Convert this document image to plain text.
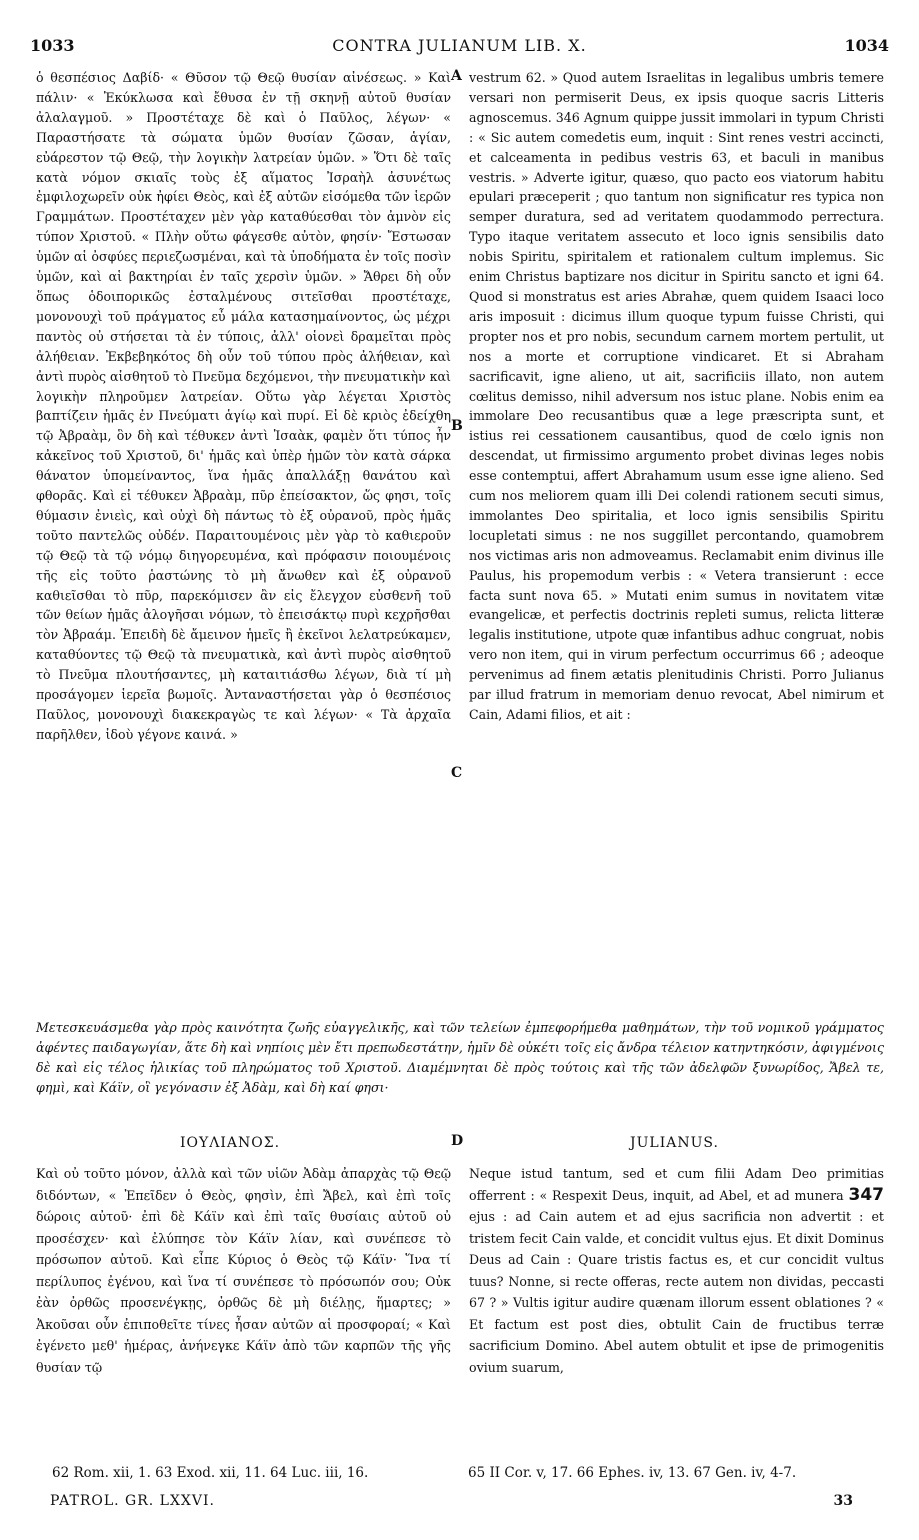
1033	CONTRA JULIANUM LIB. X.	1034

ὁ θεσπέσιος Δαβίδ· « Θῦσον τῷ Θεῷ θυσίαν αἰνέσεως. » Καὶ πάλιν· « Ἐκύκλωσα καὶ ἔθυσα ἐν τῇ σκηνῇ αὐτοῦ θυσίαν ἀλαλαγμοῦ. » Προστέταχε δὲ καὶ ὁ Παῦλος, λέγων· « Παραστήσατε τὰ σώματα ὑμῶν θυσίαν ζῶσαν, ἁγίαν, εὐάρεστον τῷ Θεῷ, τὴν λογικὴν λατρείαν ὑμῶν. » Ὅτι δὲ ταῖς κατὰ νόμον σκιαῖς τοὺς ἐξ αἵματος Ἰσραὴλ ἀσυνέτως ἐμφιλοχωρεῖν οὐκ ἠφίει Θεὸς, καὶ ἐξ αὐτῶν εἰσόμεθα τῶν ἱερῶν Γραμμάτων. Προστέταχεν μὲν γὰρ καταθύεσθαι τὸν ἀμνὸν εἰς τύπον Χριστοῦ. « Πλὴν οὕτω φάγεσθε αὐτὸν, φησίν· Ἔστωσαν ὑμῶν αἱ ὀσφύες περιεζωσμέναι, καὶ τὰ ὑποδήματα ἐν τοῖς ποσὶν ὑμῶν, καὶ αἱ βακτηρίαι ἐν ταῖς χερσὶν ὑμῶν. » Ἄθρει δὴ οὖν ὅπως ὁδοιπορικῶς ἐσταλμένους σιτεῖσθαι προστέταχε, μονονουχὶ τοῦ πράγματος εὖ μάλα κατασημαίνοντος, ὡς μέχρι παντὸς οὐ στήσεται τὰ ἐν τύποις, ἀλλ' οἱονεὶ δραμεῖται πρὸς ἀλήθειαν. Ἐκβεβηκότος δὴ οὖν τοῦ τύπου πρὸς ἀλήθειαν, καὶ ἀντὶ πυρὸς αἰσθητοῦ τὸ Πνεῦμα δεχόμενοι, τὴν πνευματικὴν καὶ λογικὴν πληροῦμεν λατρείαν. Οὕτω γὰρ λέγεται Χριστὸς βαπτίζειν ἡμᾶς ἐν Πνεύματι ἁγίῳ καὶ πυρί. Εἰ δὲ κριὸς ἐδείχθη τῷ Ἀβραὰμ, ὃν δὴ καὶ τέθυκεν ἀντὶ Ἰσαὰκ, φαμὲν ὅτι τύπος ἦν κἀκεῖνος τοῦ Χριστοῦ, δι' ἡμᾶς καὶ ὑπὲρ ἡμῶν τὸν κατὰ σάρκα θάνατον ὑπομείναντος, ἵνα ἡμᾶς ἀπαλλάξῃ θανάτου καὶ φθορᾶς. Καὶ εἰ τέθυκεν Ἀβραὰμ, πῦρ ἐπείσακτον, ὥς φησι, τοῖς θύμασιν ἐνιεὶς, καὶ οὐχὶ δὴ πάντως τὸ ἐξ οὐρανοῦ, πρὸς ἡμᾶς τοῦτο παντελῶς οὐδέν. Παραιτουμένοις μὲν γὰρ τὸ καθιεροῦν τῷ Θεῷ τὰ τῷ νόμῳ διηγορευμένα, καὶ πρόφασιν ποιουμένοις τῆς εἰς τοῦτο ῥαστώνης τὸ μὴ ἄνωθεν καὶ ἐξ οὐρανοῦ καθιεῖσθαι τὸ πῦρ, παρεκόμισεν ἂν εἰς ἔλεγχον εὐσθενῆ τοῦ τῶν θείων ἡμᾶς ἀλογῆσαι νόμων, τὸ ἐπεισάκτῳ πυρὶ κεχρῆσθαι τὸν Ἀβραάμ. Ἐπειδὴ δὲ ἄμεινον ἡμεῖς ἢ ἐκεῖνοι λελατρεύκαμεν, καταθύοντες τῷ Θεῷ τὰ πνευματικὰ, καὶ ἀντὶ πυρὸς αἰσθητοῦ τὸ Πνεῦμα πλουτήσαντες, μὴ καταιτιάσθω λέγων, διὰ τί μὴ προσάγομεν ἱερεῖα βωμοῖς. Ἀνταναστήσεται γὰρ ὁ θεσπέσιος Παῦλος, μονονουχὶ διακεκραγὼς τε καὶ λέγων· « Τὰ ἀρχαῖα παρῆλθεν, ἰδοὺ γέγονε καινά. »

A
B
C
D

vestrum 62. » Quod autem Israelitas in legalibus umbris temere versari non permiserit Deus, ex ipsis quoque sacris Litteris agnoscemus. 346 Agnum quippe jussit immolari in typum Christi : « Sic autem comedetis eum, inquit : Sint renes vestri accincti, et calceamenta in pedibus vestris 63, et baculi in manibus vestris. » Adverte igitur, quæso, quo pacto eos viatorum habitu epulari præceperit ; quo tantum non significatur res typica non semper duratura, sed ad veritatem quodammodo perrectura. Typo itaque veritatem assecuto et loco ignis sensibilis dato nobis Spiritu, spiritalem et rationalem cultum implemus. Sic enim Christus baptizare nos dicitur in Spiritu sancto et igni 64. Quod si monstratus est aries Abrahæ, quem quidem Isaaci loco aris imposuit : dicimus illum quoque typum fuisse Christi, qui propter nos et pro nobis, secundum carnem mortem pertulit, ut nos a morte et corruptione vindicaret. Et si Abraham sacrificavit, igne alieno, ut ait, sacrificiis illato, non autem cœlitus demisso, nihil adversum nos istuc plane. Nobis enim ea immolare Deo recusantibus quæ a lege præscripta sunt, et istius rei cessationem causantibus, quod de cœlo ignis non descendat, ut firmissimo argumento probet divinas leges nobis esse contemptui, affert Abrahamum usum esse igne alieno. Sed cum nos meliorem quam illi Dei colendi rationem secuti simus, immolantes Deo spiritalia, et loco ignis sensibilis Spiritu locupletati simus : ne nos suggillet percontando, quamobrem nos victimas aris non admoveamus. Reclamabit enim divinus ille Paulus, his propemodum verbis : « Vetera transierunt : ecce facta sunt nova 65. » Mutati enim sumus in novitatem vitæ evangelicæ, et perfectis doctrinis repleti sumus, relicta litteræ legalis institutione, utpote quæ infantibus adhuc congruat, nobis vero non item, qui in virum perfectum occurrimus 66 ; adeoque pervenimus ad finem ætatis plenitudinis Christi. Porro Julianus par illud fratrum in memoriam denuo revocat, Abel nimirum et Cain, Adami filios, et ait :

Μετεσκευάσμεθα γὰρ πρὸς καινότητα ζωῆς εὐαγγελικῆς, καὶ τῶν τελείων ἐμπεφορήμεθα μαθημάτων, τὴν τοῦ νομικοῦ γράμματος ἀφέντες παιδαγωγίαν, ἅτε δὴ καὶ νηπίοις μὲν ἔτι πρεπωδεστάτην, ἡμῖν δὲ οὐκέτι τοῖς εἰς ἄνδρα τέλειον κατηντηκόσιν, ἀφιγμένοις δὲ καὶ εἰς τέλος ἡλικίας τοῦ πληρώματος τοῦ Χριστοῦ. Διαμέμνηται δὲ πρὸς τούτοις καὶ τῆς τῶν ἀδελφῶν ξυνωρίδος, Ἄβελ τε, φημὶ, καὶ Κάϊν, οἳ γεγόνασιν ἐξ Ἀδὰμ, καὶ δὴ καί φησι·
ΙΟΥΛΙΑΝΟΣ.	JULIANUS.

Καὶ οὐ τοῦτο μόνον, ἀλλὰ καὶ τῶν υἱῶν Ἀδὰμ ἀπαρχὰς τῷ Θεῷ διδόντων, « Ἐπεῖδεν ὁ Θεὸς, φησὶν, ἐπὶ Ἄβελ, καὶ ἐπὶ τοῖς δώροις αὐτοῦ· ἐπὶ δὲ Κάϊν καὶ ἐπὶ ταῖς θυσίαις αὐτοῦ οὐ προσέσχεν· καὶ ἐλύπησε τὸν Κάϊν λίαν, καὶ συνέπεσε τὸ πρόσωπον αὐτοῦ. Καὶ εἶπε Κύριος ὁ Θεὸς τῷ Κάϊν· Ἵνα τί περίλυπος ἐγένου, καὶ ἵνα τί συνέπεσε τὸ πρόσωπόν σου; Οὐκ ἐὰν ὀρθῶς προσενέγκῃς, ὀρθῶς δὲ μὴ διέλῃς, ἥμαρτες; » Ἀκοῦσαι οὖν ἐπιποθεῖτε τίνες ἦσαν αὐτῶν αἱ προσφοραί; « Καὶ ἐγένετο μεθ' ἡμέρας, ἀνήνεγκε Κάϊν ἀπὸ τῶν καρπῶν τῆς γῆς θυσίαν τῷ

Neque istud tantum, sed et cum filii Adam Deo primitias offerrent : « Respexit Deus, inquit, ad Abel, et ad munera 347 ejus : ad Cain autem et ad ejus sacrificia non advertit : et tristem fecit Cain valde, et concidit vultus ejus. Et dixit Dominus Deus ad Cain : Quare tristis factus es, et cur concidit vultus tuus? Nonne, si recte offeras, recte autem non dividas, peccasti 67 ? » Vultis igitur audire quænam illorum essent oblationes ? « Et factum est post dies, obtulit Cain de fructibus terræ sacrificium Domino. Abel autem obtulit et ipse de primogenitis ovium suarum,

62 Rom. xii, 1. 63 Exod. xii, 11. 64 Luc. iii, 16.	65 II Cor. v, 17. 66 Ephes. iv, 13. 67 Gen. iv, 4-7.
PATROL. GR. LXXVI.	33
